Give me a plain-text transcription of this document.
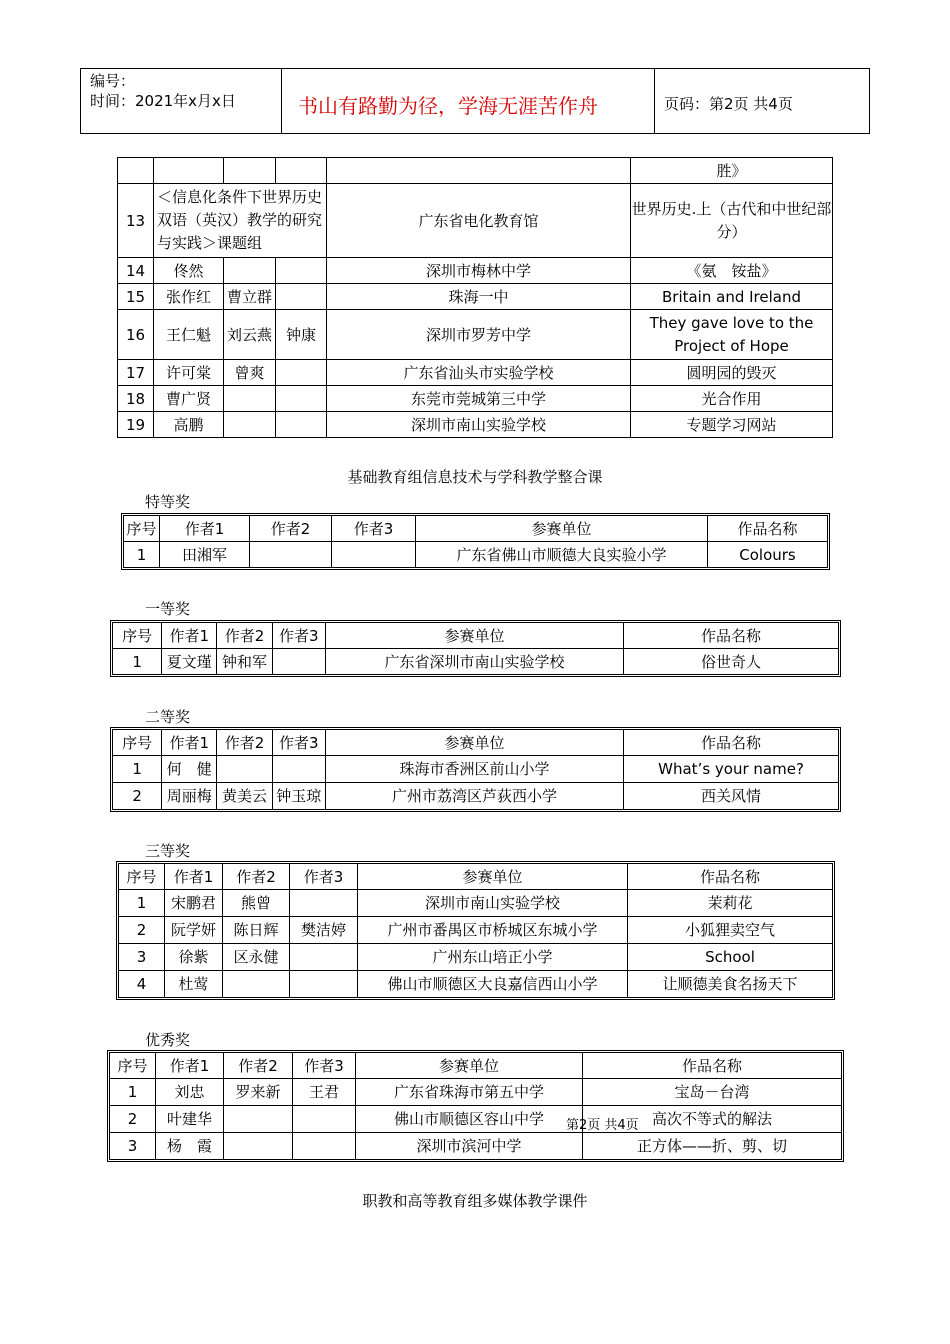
编号：
时间：2021年x月x日	书山有路勤为径，学海无涯苦作舟	页码：第2页 共4页
					胜》
13	＜信息化条件下世界历史双语（英汉）教学的研究与实践＞课题组			广东省电化教育馆	世界历史.上（古代和中世纪部分）
14	佟然			深圳市梅林中学	《氨　铵盐》
15	张作红	曹立群		珠海一中	Britain and Ireland
16	王仁魁	刘云燕	钟康	深圳市罗芳中学	They gave love to the Project of Hope
17	许可棠	曾爽		广东省汕头市实验学校	圆明园的毁灭
18	曹广贤			东莞市莞城第三中学	光合作用
19	高鹏			深圳市南山实验学校	专题学习网站
基础教育组信息技术与学科教学整合课
特等奖
序号	作者1	作者2	作者3	参赛单位	作品名称
1	田湘军			广东省佛山市顺德大良实验小学	Colours
一等奖
序号	作者1	作者2	作者3	参赛单位	作品名称
1	夏文瑾	钟和军		广东省深圳市南山实验学校	俗世奇人
二等奖
序号	作者1	作者2	作者3	参赛单位	作品名称
1	何　健			珠海市香洲区前山小学	What’s your name?
2	周丽梅	黄美云	钟玉琼	广州市荔湾区芦荻西小学	西关风情
三等奖
序号	作者1	作者2	作者3	参赛单位	作品名称
1	宋鹏君	熊曾		深圳市南山实验学校	茉莉花
2	阮学妍	陈日辉	樊洁婷	广州市番禺区市桥城区东城小学	小狐狸卖空气
3	徐紫	区永健		广州东山培正小学	School
4	杜莺			佛山市顺德区大良嘉信西山小学	让顺德美食名扬天下
优秀奖
序号	作者1	作者2	作者3	参赛单位	作品名称
1	刘忠	罗来新	王君	广东省珠海市第五中学	宝岛－台湾
2	叶建华			佛山市顺德区容山中学	高次不等式的解法
3	杨　霞			深圳市滨河中学	正方体——折、剪、切
第2页 共4页
职教和高等教育组多媒体教学课件
